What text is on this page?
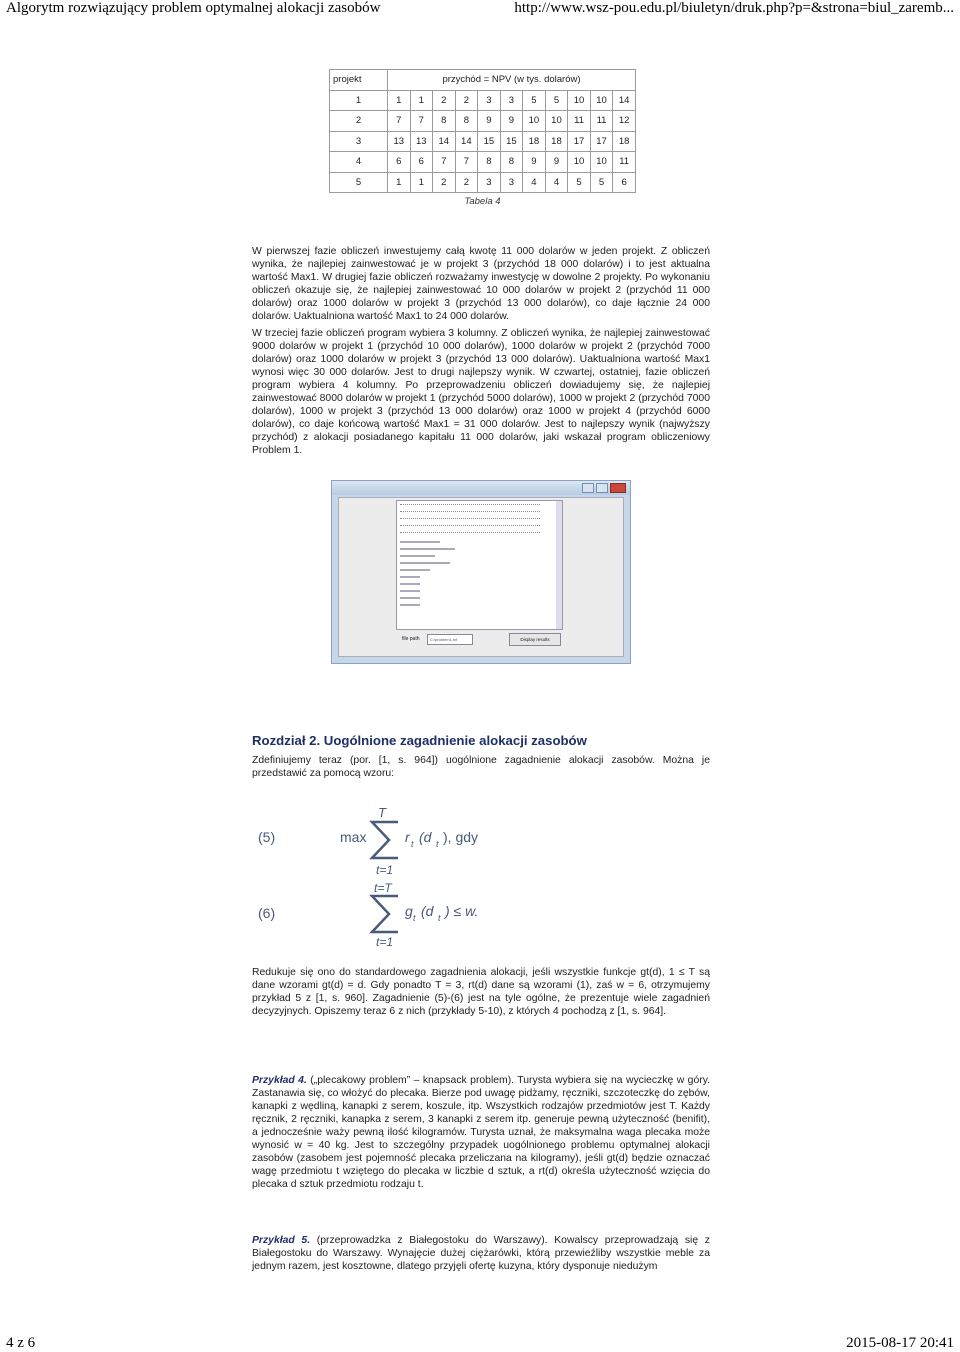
Algorytm rozwiązujący problem optymalnej alokacji zasobów	http://www.wsz-pou.edu.pl/biuletyn/druk.php?p=&strona=biul_zaremb...
projekt	przychód = NPV (w tys. dolarów)										
1	1	1	2	2	3	3	5	5	10	10	14
2	7	7	8	8	9	9	10	10	11	11	12
3	13	13	14	14	15	15	18	18	17	17	18
4	6	6	7	7	8	8	9	9	10	10	11
5	1	1	2	2	3	3	4	4	5	5	6
Tabela 4

W pierwszej fazie obliczeń inwestujemy całą kwotę 11 000 dolarów w jeden projekt. Z obliczeń wynika, że najlepiej zainwestować je w projekt 3 (przychód 18 000 dolarów) i to jest aktualna wartość Max1. W drugiej fazie obliczeń rozważamy inwestycję w dowolne 2 projekty. Po wykonaniu obliczeń okazuje się, że najlepiej zainwestować 10 000 dolarów w projekt 2 (przychód 11 000 dolarów) oraz 1000 dolarów w projekt 3 (przychód 13 000 dolarów), co daje łącznie 24 000 dolarów. Uaktualniona wartość Max1 to 24 000 dolarów.

W trzeciej fazie obliczeń program wybiera 3 kolumny. Z obliczeń wynika, że najlepiej zainwestować 9000 dolarów w projekt 1 (przychód 10 000 dolarów), 1000 dolarów w projekt 2 (przychód 7000 dolarów) oraz 1000 dolarów w projekt 3 (przychód 13 000 dolarów). Uaktualniona wartość Max1 wynosi więc 30 000 dolarów. Jest to drugi najlepszy wynik. W czwartej, ostatniej, fazie obliczeń program wybiera 4 kolumny. Po przeprowadzeniu obliczeń dowiadujemy się, że najlepiej zainwestować 8000 dolarów w projekt 1 (przychód 5000 dolarów), 1000 w projekt 2 (przychód 7000 dolarów), 1000 w projekt 3 (przychód 13 000 dolarów) oraz 1000 w projekt 4 (przychód 6000 dolarów), co daje końcową wartość Max1 = 31 000 dolarów. Jest to najlepszy wynik (najwyższy przychód) z alokacji posiadanego kapitału 11 000 dolarów, jaki wskazał program obliczeniowy Problem 1.

file path	C:\problem1.txt	Display results
Rozdział 2. Uogólnione zagadnienie alokacji zasobów

Zdefiniujemy teraz (por. [1, s. 964]) uogólnione zagadnienie alokacji zasobów. Można je przedstawić za pomocą wzoru:

(5)	max
T
t=1
r t (d t ), gdy
(6)
t=T
t=1
g t (d t ) ≤ w.

Redukuje się ono do standardowego zagadnienia alokacji, jeśli wszystkie funkcje gt(d), 1 ≤ T są dane wzorami gt(d) = d. Gdy ponadto T = 3, rt(d) dane są wzorami (1), zaś w = 6, otrzymujemy przykład 5 z [1, s. 960]. Zagadnienie (5)-(6) jest na tyle ogólne, że prezentuje wiele zagadnień decyzyjnych. Opiszemy teraz 6 z nich (przykłady 5-10), z których 4 pochodzą z [1, s. 964].

Przykład 4. („plecakowy problem” – knapsack problem). Turysta wybiera się na wycieczkę w góry. Zastanawia się, co włożyć do plecaka. Bierze pod uwagę pidżamy, ręczniki, szczoteczkę do zębów, kanapki z wędliną, kanapki z serem, koszule, itp. Wszystkich rodzajów przedmiotów jest T. Każdy ręcznik, 2 ręczniki, kanapka z serem, 3 kanapki z serem itp. generuje pewną użyteczność (benifit), a jednocześnie waży pewną ilość kilogramów. Turysta uznał, że maksymalna waga plecaka może wynosić w = 40 kg. Jest to szczególny przypadek uogólnionego problemu optymalnej alokacji zasobów (zasobem jest pojemność plecaka przeliczana na kilogramy), jeśli gt(d) będzie oznaczać wagę przedmiotu t wziętego do plecaka w liczbie d sztuk, a rt(d) określa użyteczność wzięcia do plecaka d sztuk przedmiotu rodzaju t.

Przykład 5. (przeprowadzka z Białegostoku do Warszawy). Kowalscy przeprowadzają się z Białegostoku do Warszawy. Wynajęcie dużej ciężarówki, którą przewieźliby wszystkie meble za jednym razem, jest kosztowne, dlatego przyjęli ofertę kuzyna, który dysponuje niedużym

4 z 6	2015-08-17 20:41
